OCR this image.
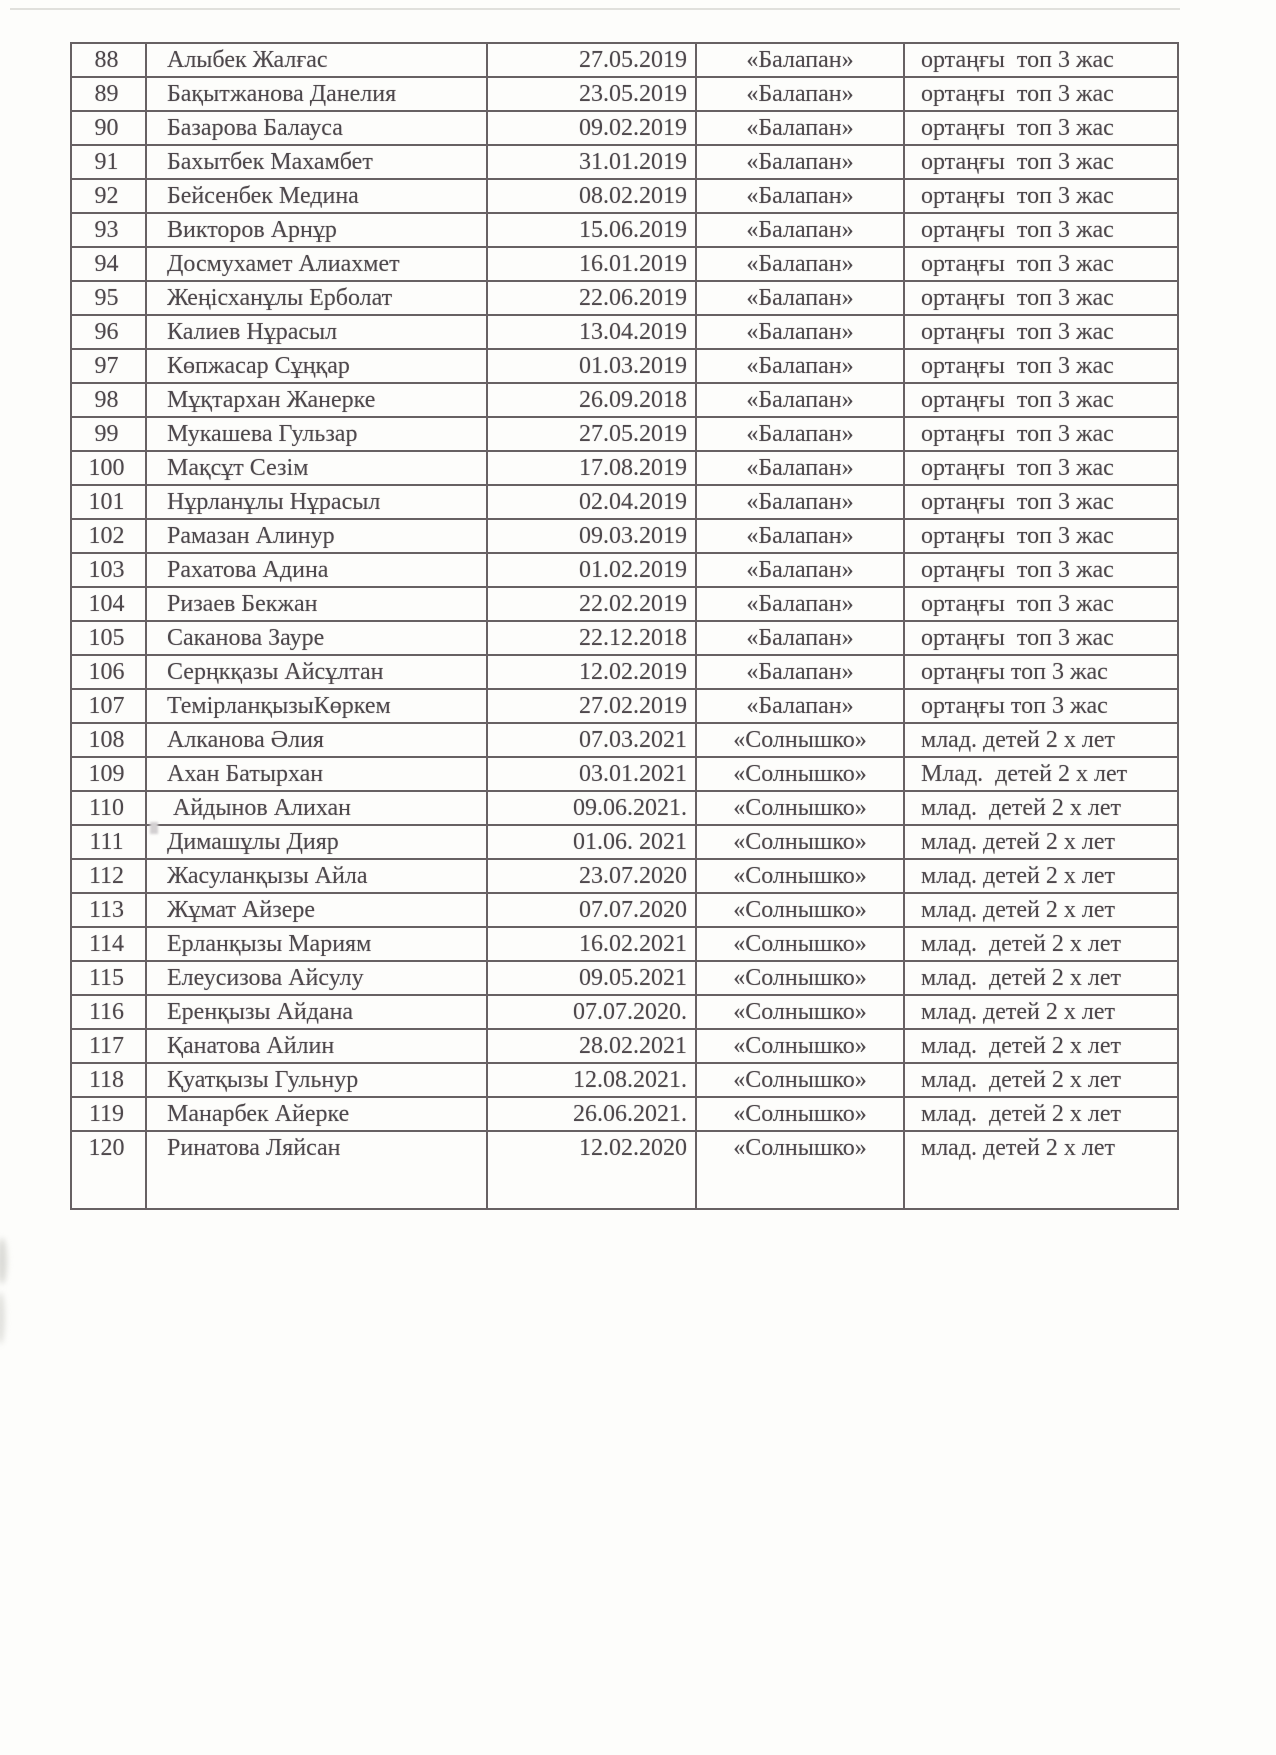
88	Алыбек Жалғас	27.05.2019	«Балапан»	ортаңғы  топ 3 жас
89	Бақытжанова Данелия	23.05.2019	«Балапан»	ортаңғы  топ 3 жас
90	Базарова Балауса	09.02.2019	«Балапан»	ортаңғы  топ 3 жас
91	Бахытбек Махамбет	31.01.2019	«Балапан»	ортаңғы  топ 3 жас
92	Бейсенбек Медина	08.02.2019	«Балапан»	ортаңғы  топ 3 жас
93	Викторов Арнұр	15.06.2019	«Балапан»	ортаңғы  топ 3 жас
94	Досмухамет Алиахмет	16.01.2019	«Балапан»	ортаңғы  топ 3 жас
95	Жеңісханұлы Ерболат	22.06.2019	«Балапан»	ортаңғы  топ 3 жас
96	Калиев Нұрасыл	13.04.2019	«Балапан»	ортаңғы  топ 3 жас
97	Көпжасар Сұңқар	01.03.2019	«Балапан»	ортаңғы  топ 3 жас
98	Мұқтархан Жанерке	26.09.2018	«Балапан»	ортаңғы  топ 3 жас
99	Мукашева Гульзар	27.05.2019	«Балапан»	ортаңғы  топ 3 жас
100	Мақсұт Сезім	17.08.2019	«Балапан»	ортаңғы  топ 3 жас
101	Нұрланұлы Нұрасыл	02.04.2019	«Балапан»	ортаңғы  топ 3 жас
102	Рамазан Алинур	09.03.2019	«Балапан»	ортаңғы  топ 3 жас
103	Рахатова Адина	01.02.2019	«Балапан»	ортаңғы  топ 3 жас
104	Ризаев Бекжан	22.02.2019	«Балапан»	ортаңғы  топ 3 жас
105	Саканова Зауре	22.12.2018	«Балапан»	ортаңғы  топ 3 жас
106	Серңкқазы Айсұлтан	12.02.2019	«Балапан»	ортаңғы топ 3 жас
107	ТемірланқызыКөркем	27.02.2019	«Балапан»	ортаңғы топ 3 жас
108	Алканова Әлия	07.03.2021	«Солнышко»	млад. детей 2 х лет
109	Ахан Батырхан	03.01.2021	«Солнышко»	Млад.  детей 2 х лет
110	Айдынов Алихан	09.06.2021.	«Солнышко»	млад.  детей 2 х лет
111	Димашұлы Дияр	01.06. 2021	«Солнышко»	млад. детей 2 х лет
112	Жасуланқызы Айла	23.07.2020	«Солнышко»	млад. детей 2 х лет
113	Жұмат Айзере	07.07.2020	«Солнышко»	млад. детей 2 х лет
114	Ерланқызы Мариям	16.02.2021	«Солнышко»	млад.  детей 2 х лет
115	Елеусизова Айсулу	09.05.2021	«Солнышко»	млад.  детей 2 х лет
116	Еренқызы Айдана	07.07.2020.	«Солнышко»	млад. детей 2 х лет
117	Қанатова Айлин	28.02.2021	«Солнышко»	млад.  детей 2 х лет
118	Қуатқызы Гульнур	12.08.2021.	«Солнышко»	млад.  детей 2 х лет
119	Манарбек Айерке	26.06.2021.	«Солнышко»	млад.  детей 2 х лет
120	Ринатова Ляйсан	12.02.2020	«Солнышко»	млад. детей 2 х лет
